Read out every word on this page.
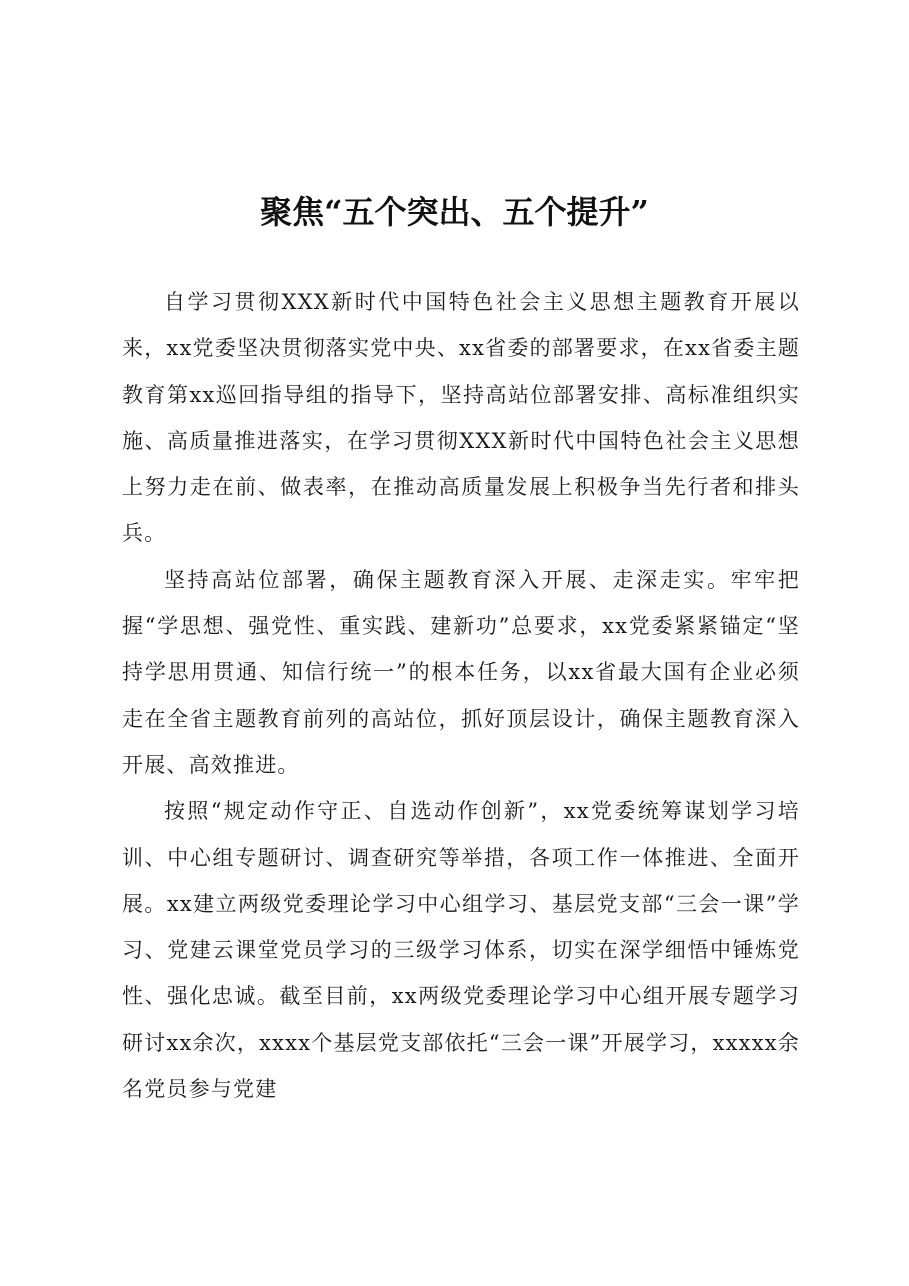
聚焦“五个突出、五个提升”

自学习贯彻XXX新时代中国特色社会主义思想主题教育开展以来，xx党委坚决贯彻落实党中央、xx省委的部署要求，在xx省委主题教育第xx巡回指导组的指导下，坚持高站位部署安排、高标准组织实施、高质量推进落实，在学习贯彻XXX新时代中国特色社会主义思想上努力走在前、做表率，在推动高质量发展上积极争当先行者和排头兵。

坚持高站位部署，确保主题教育深入开展、走深走实。牢牢把握“学思想、强党性、重实践、建新功”总要求，xx党委紧紧锚定“坚持学思用贯通、知信行统一”的根本任务，以xx省最大国有企业必须走在全省主题教育前列的高站位，抓好顶层设计，确保主题教育深入开展、高效推进。

按照“规定动作守正、自选动作创新”，xx党委统筹谋划学习培训、中心组专题研讨、调查研究等举措，各项工作一体推进、全面开展。xx建立两级党委理论学习中心组学习、基层党支部“三会一课”学习、党建云课堂党员学习的三级学习体系，切实在深学细悟中锤炼党性、强化忠诚。截至目前，xx两级党委理论学习中心组开展专题学习研讨xx余次，xxxx个基层党支部依托“三会一课”开展学习，xxxxx余名党员参与党建
